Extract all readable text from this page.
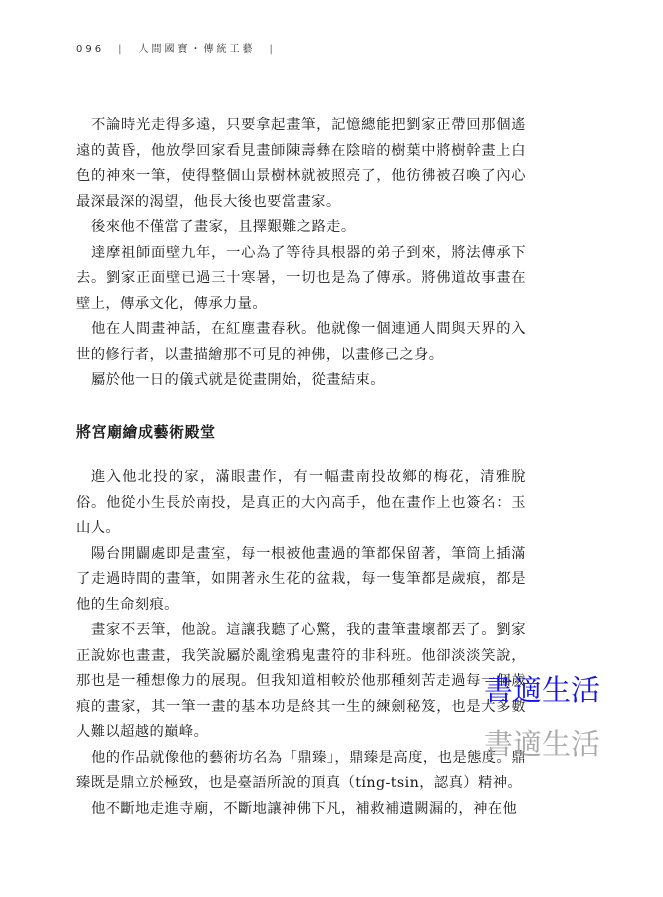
096 | 人間國寶・傳統工藝 |

不論時光走得多遠，只要拿起畫筆，記憶總能把劉家正帶回那個遙遠的黃昏，他放學回家看見畫師陳壽彝在陰暗的樹葉中將樹幹畫上白色的神來一筆，使得整個山景樹林就被照亮了，他彷彿被召喚了內心最深最深的渴望，他長大後也要當畫家。

後來他不僅當了畫家，且擇艱難之路走。

達摩祖師面壁九年，一心為了等待具根器的弟子到來，將法傳承下去。劉家正面壁已過三十寒暑，一切也是為了傳承。將佛道故事畫在壁上，傳承文化，傳承力量。

他在人間畫神話，在紅塵畫春秋。他就像一個連通人間與天界的入世的修行者，以畫描繪那不可見的神佛，以畫修己之身。

屬於他一日的儀式就是從畫開始，從畫結束。

將宮廟繪成藝術殿堂

進入他北投的家，滿眼畫作，有一幅畫南投故鄉的梅花，清雅脫俗。他從小生長於南投，是真正的大內高手，他在畫作上也簽名：玉山人。

陽台開闢處即是畫室，每一根被他畫過的筆都保留著，筆筒上插滿了走過時間的畫筆，如開著永生花的盆栽，每一隻筆都是歲痕，都是他的生命刻痕。

畫家不丟筆，他說。這讓我聽了心驚，我的畫筆畫壞都丟了。劉家正說妳也畫畫，我笑說屬於亂塗鴉鬼畫符的非科班。他卻淡淡笑說，那也是一種想像力的展現。但我知道相較於他那種刻苦走過每一個歲痕的畫家，其一筆一畫的基本功是終其一生的練劍秘笈，也是大多數人難以超越的巔峰。

他的作品就像他的藝術坊名為「鼎臻」，鼎臻是高度，也是態度。鼎臻既是鼎立於極致，也是臺語所說的頂真（tíng-tsin，認真）精神。

他不斷地走進寺廟，不斷地讓神佛下凡，補救補遺闕漏的，神在他

書適生活
書適生活
